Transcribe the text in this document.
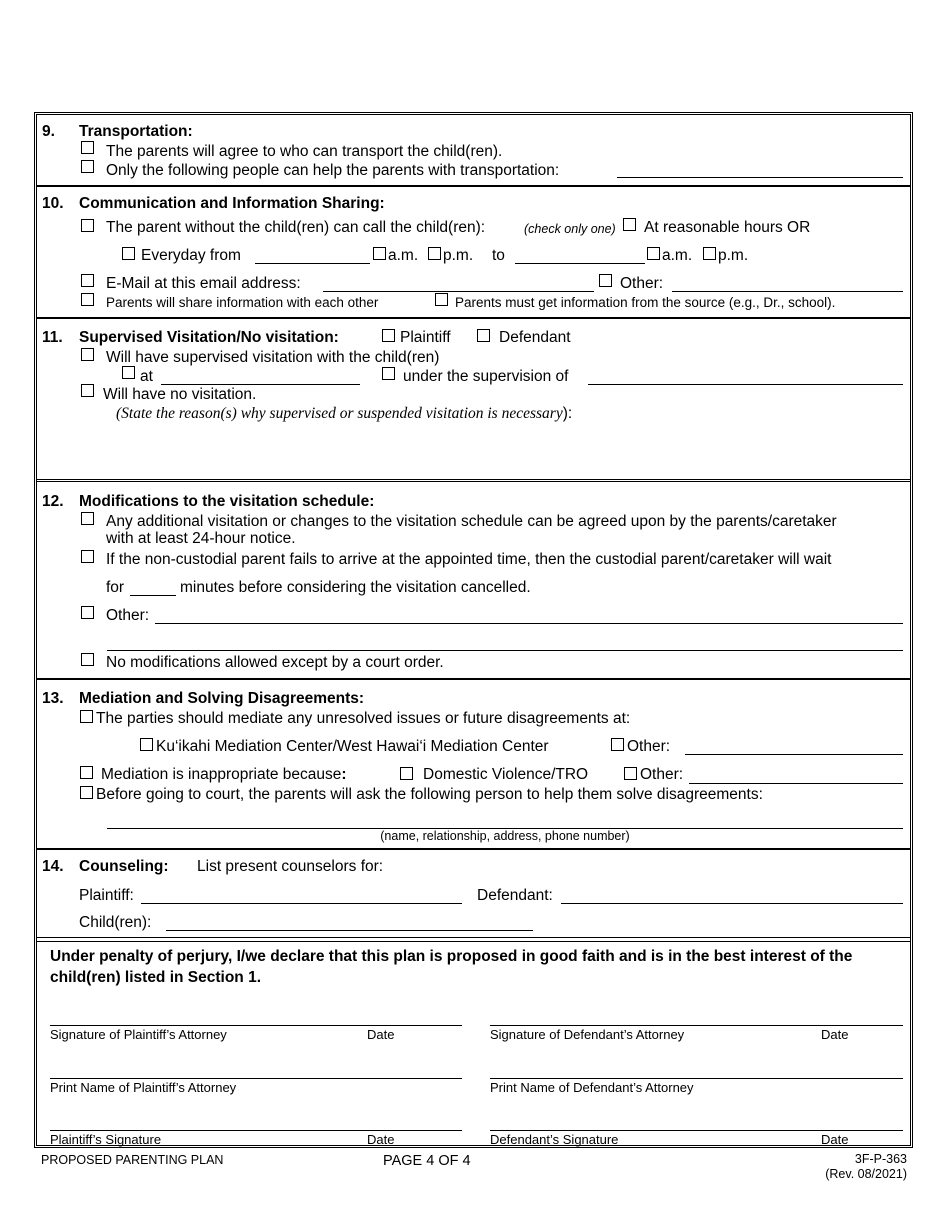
9. Transportation:
The parents will agree to who can transport the child(ren).
Only the following people can help the parents with transportation:
10. Communication and Information Sharing:
The parent without the child(ren) can call the child(ren):	(check only one) At reasonable hours OR
Everyday from	a.m. p.m. to	a.m. p.m.
E-Mail at this email address:	Other:
Parents will share information with each other	Parents must get information from the source (e.g., Dr., school).
11. Supervised Visitation/No visitation:	Plaintiff	Defendant
Will have supervised visitation with the child(ren)
at	under the supervision of
Will have no visitation.
(State the reason(s) why supervised or suspended visitation is necessary):
12. Modifications to the visitation schedule:
Any additional visitation or changes to the visitation schedule can be agreed upon by the parents/caretaker
with at least 24-hour notice.
If the non-custodial parent fails to arrive at the appointed time, then the custodial parent/caretaker will wait
for	minutes before considering the visitation cancelled.
Other:
No modifications allowed except by a court order.
13. Mediation and Solving Disagreements:
The parties should mediate any unresolved issues or future disagreements at:
Ku‘ikahi Mediation Center/West Hawai‘i Mediation Center	Other:
Mediation is inappropriate because:	Domestic Violence/TRO	Other:
Before going to court, the parents will ask the following person to help them solve disagreements:
(name, relationship, address, phone number)
14. Counseling: List present counselors for:
Plaintiff:	Defendant:
Child(ren):
Under penalty of perjury, I/we declare that this plan is proposed in good faith and is in the best interest of the child(ren) listed in Section 1.
Signature of Plaintiff’s Attorney	Date	Signature of Defendant’s Attorney	Date
Print Name of Plaintiff’s Attorney	Print Name of Defendant’s Attorney
Plaintiff’s Signature	Date	Defendant’s Signature	Date
PROPOSED PARENTING PLAN	PAGE 4 OF 4	3F-P-363
(Rev. 08/2021)
